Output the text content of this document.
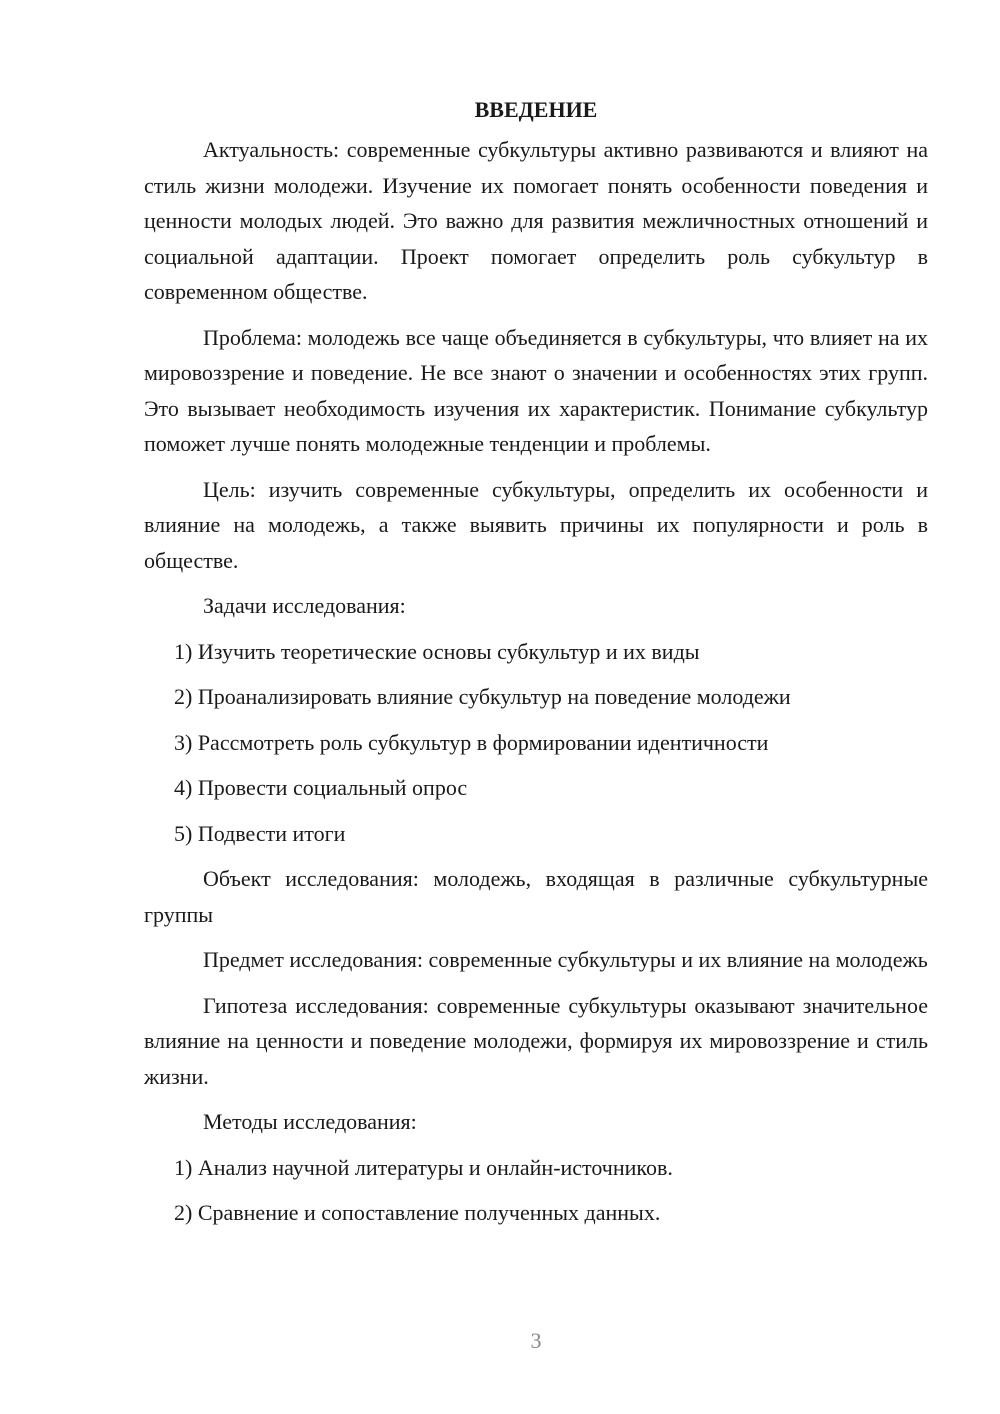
ВВЕДЕНИЕ

Актуальность: современные субкультуры активно развиваются и влияют на стиль жизни молодежи. Изучение их помогает понять особенности поведения и ценности молодых людей. Это важно для развития межличностных отношений и социальной адаптации. Проект помогает определить роль субкультур в современном обществе.

Проблема: молодежь все чаще объединяется в субкультуры, что влияет на их мировоззрение и поведение. Не все знают о значении и особенностях этих групп. Это вызывает необходимость изучения их характеристик. Понимание субкультур поможет лучше понять молодежные тенденции и проблемы.

Цель: изучить современные субкультуры, определить их особенности и влияние на молодежь, а также выявить причины их популярности и роль в обществе.

Задачи исследования:

1) Изучить теоретические основы субкультур и их виды

2) Проанализировать влияние субкультур на поведение молодежи

3) Рассмотреть роль субкультур в формировании идентичности

4) Провести социальный опрос

5) Подвести итоги

Объект исследования: молодежь, входящая в различные субкультурные группы

Предмет исследования: современные субкультуры и их влияние на молодежь

Гипотеза исследования: современные субкультуры оказывают значительное влияние на ценности и поведение молодежи, формируя их мировоззрение и стиль жизни.

Методы исследования:

1) Анализ научной литературы и онлайн-источников.

2) Сравнение и сопоставление полученных данных.

3
